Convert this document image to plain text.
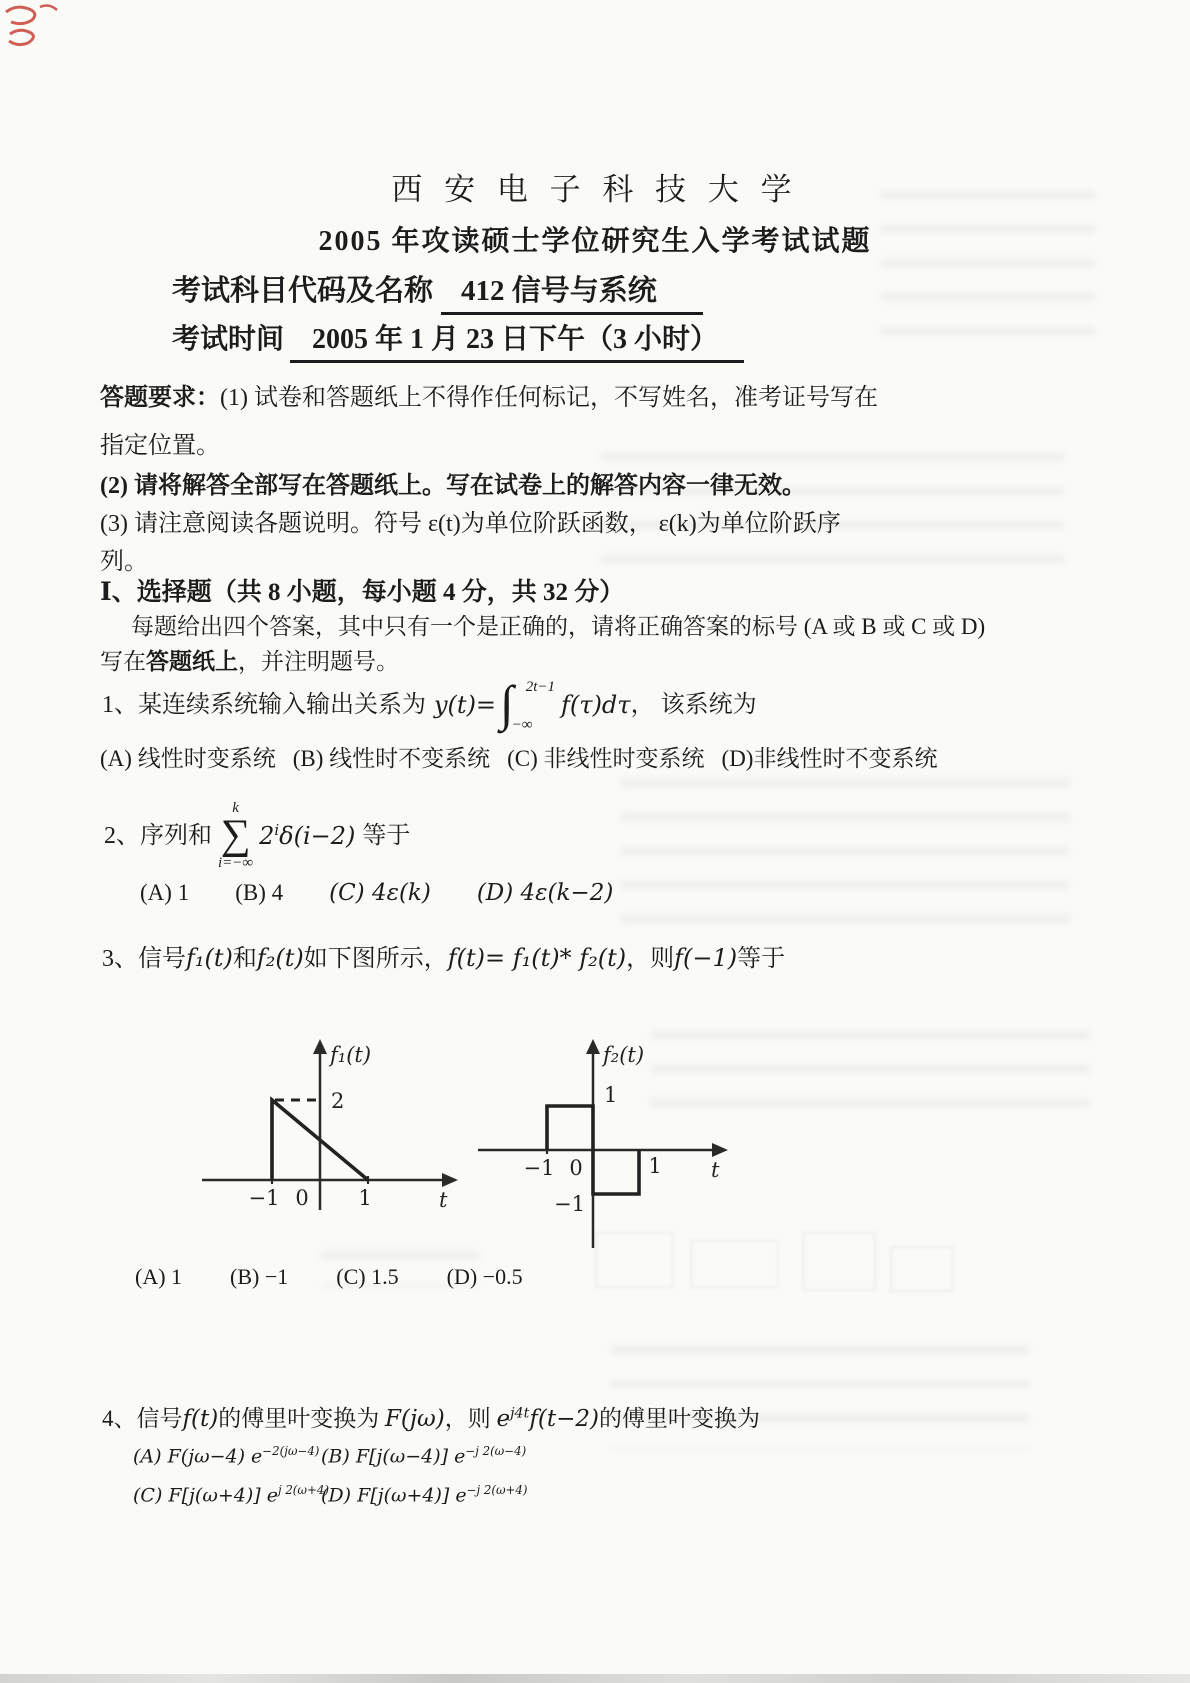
西 安 电 子 科 技 大 学
2005 年攻读硕士学位研究生入学考试试题
考试科目代码及名称 412 信号与系统
考试时间 2005 年 1 月 23 日下午（3 小时）
答题要求：(1) 试卷和答题纸上不得作任何标记，不写姓名，准考证号写在
指定位置。
(2) 请将解答全部写在答题纸上。写在试卷上的解答内容一律无效。
(3) 请注意阅读各题说明。符号 ε(t)为单位阶跃函数， ε(k)为单位阶跃序
列。
Ⅰ、选择题（共 8 小题，每小题 4 分，共 32 分）
每题给出四个答案，其中只有一个是正确的，请将正确答案的标号 (A 或 B 或 C 或 D)
写在答题纸上，并注明题号。
1、某连续系统输入输出关系为 y(t)= ∫ 2t−1
−∞
f(τ)dτ ， 该系统为
(A) 线性时变系统 (B) 线性时不变系统 (C) 非线性时变系统 (D)非线性时不变系统
2、序列和
k
∑
i=−∞
$2^i\delta(i-2)$ 等于
(A) 1 (B) 4 (C) 4ε(k) (D) 4ε(k−2)
3、信号f₁(t)和f₂(t)如下图所示，f(t)= f₁(t)* f₂(t)，则f(−1)等于
−1 0 1
2
t
f₁(t)
−1 0	1
1
−1
t
f₂(t)
(A) 1 (B) −1 (C) 1.5 (D) −0.5
4、信号f(t)的傅里叶变换为 F(jω)，则 $e^{j4t}f(t-2)$的傅里叶变换为
(A) F(jω−4) $e^{-2(j\omega-4)}$ (B) F[j(ω−4)] $e^{-j 2(\omega-4)}$
(C) F[j(ω+4)] $e^{j 2(\omega+4)}$
(D) F[j(ω+4)] $e^{-j 2(\omega+4)}$
